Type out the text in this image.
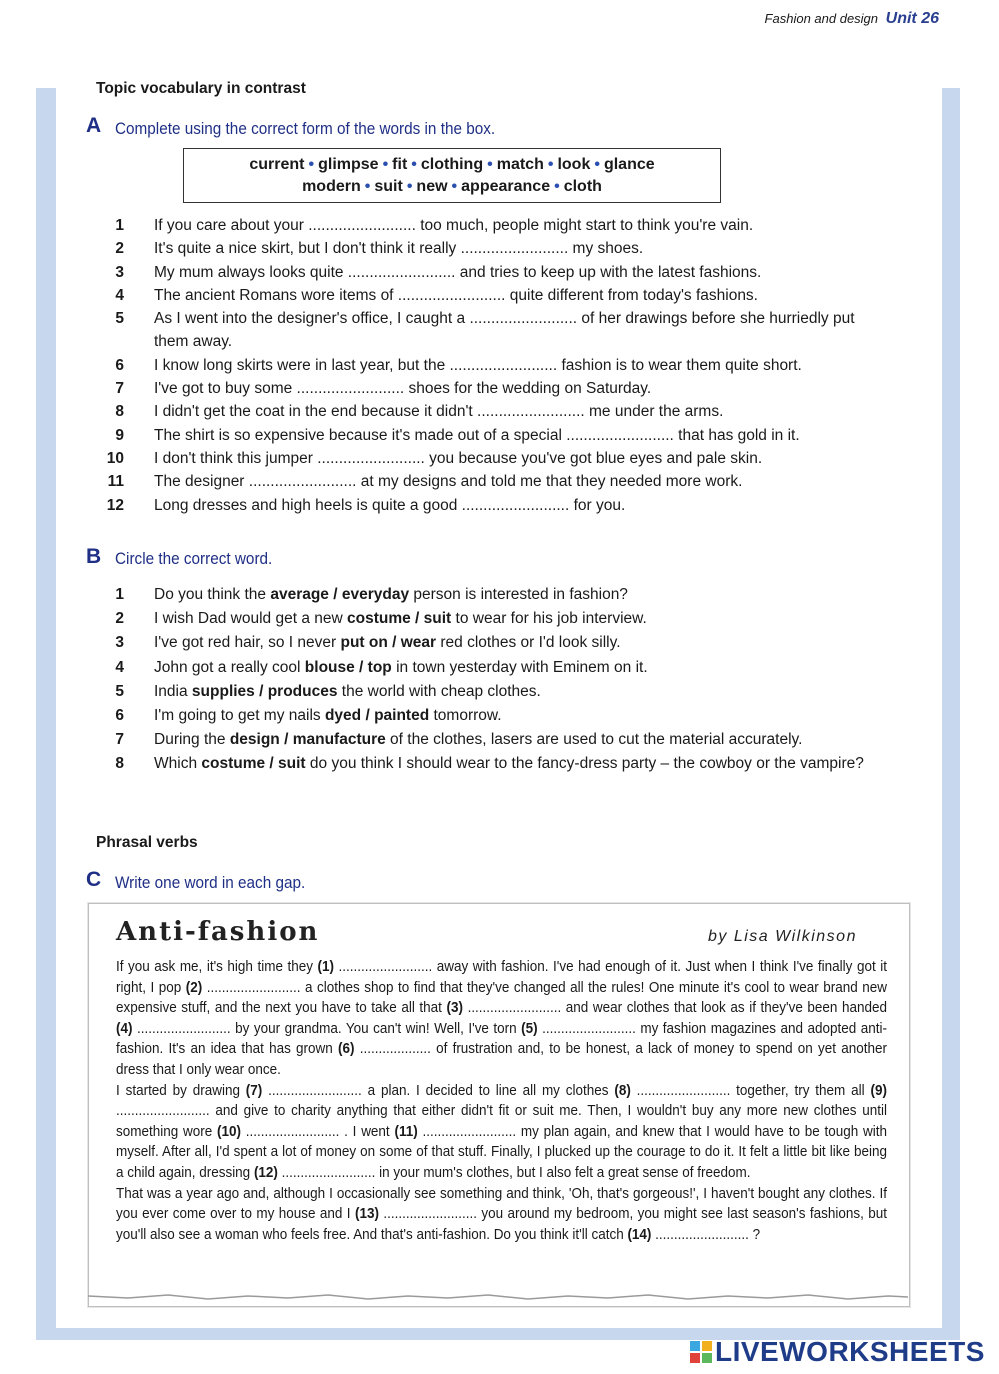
Fashion and design Unit 26
Topic vocabulary in contrast
A Complete using the correct form of the words in the box.
current • glimpse • fit • clothing • match • look • glance
modern • suit • new • appearance • cloth
1 If you care about your ......................... too much, people might start to think you're vain.
2 It's quite a nice skirt, but I don't think it really ......................... my shoes.
3 My mum always looks quite ......................... and tries to keep up with the latest fashions.
4 The ancient Romans wore items of ......................... quite different from today's fashions.
5 As I went into the designer's office, I caught a ......................... of her drawings before she hurriedly put them away.
6 I know long skirts were in last year, but the ......................... fashion is to wear them quite short.
7 I've got to buy some ......................... shoes for the wedding on Saturday.
8 I didn't get the coat in the end because it didn't ......................... me under the arms.
9 The shirt is so expensive because it's made out of a special ......................... that has gold in it.
10 I don't think this jumper ......................... you because you've got blue eyes and pale skin.
11 The designer ......................... at my designs and told me that they needed more work.
12 Long dresses and high heels is quite a good ......................... for you.
B Circle the correct word.
1 Do you think the average / everyday person is interested in fashion?
2 I wish Dad would get a new costume / suit to wear for his job interview.
3 I've got red hair, so I never put on / wear red clothes or I'd look silly.
4 John got a really cool blouse / top in town yesterday with Eminem on it.
5 India supplies / produces the world with cheap clothes.
6 I'm going to get my nails dyed / painted tomorrow.
7 During the design / manufacture of the clothes, lasers are used to cut the material accurately.
8 Which costume / suit do you think I should wear to the fancy-dress party – the cowboy or the vampire?
Phrasal verbs
C Write one word in each gap.
Anti-fashion	by Lisa Wilkinson

If you ask me, it's high time they (1) ......................... away with fashion. I've had enough of it. Just when I think I've finally got it right, I pop (2) ......................... a clothes shop to find that they've changed all the rules! One minute it's cool to wear brand new expensive stuff, and the next you have to take all that (3) ......................... and wear clothes that look as if they've been handed (4) ......................... by your grandma. You can't win! Well, I've torn (5) ......................... my fashion magazines and adopted anti-fashion. It's an idea that has grown (6) ................... of frustration and, to be honest, a lack of money to spend on yet another dress that I only wear once.

I started by drawing (7) ......................... a plan. I decided to line all my clothes (8) ......................... together, try them all (9) ......................... and give to charity anything that either didn't fit or suit me. Then, I wouldn't buy any more new clothes until something wore (10) ......................... . I went (11) ......................... my plan again, and knew that I would have to be tough with myself. After all, I'd spent a lot of money on some of that stuff. Finally, I plucked up the courage to do it. It felt a little bit like being a child again, dressing (12) ......................... in your mum's clothes, but I also felt a great sense of freedom.

That was a year ago and, although I occasionally see something and think, 'Oh, that's gorgeous!', I haven't bought any clothes. If you ever come over to my house and I (13) ......................... you around my bedroom, you might see last season's fashions, but you'll also see a woman who feels free. And that's anti-fashion. Do you think it'll catch (14) ......................... ?

LIVEWORKSHEETS
